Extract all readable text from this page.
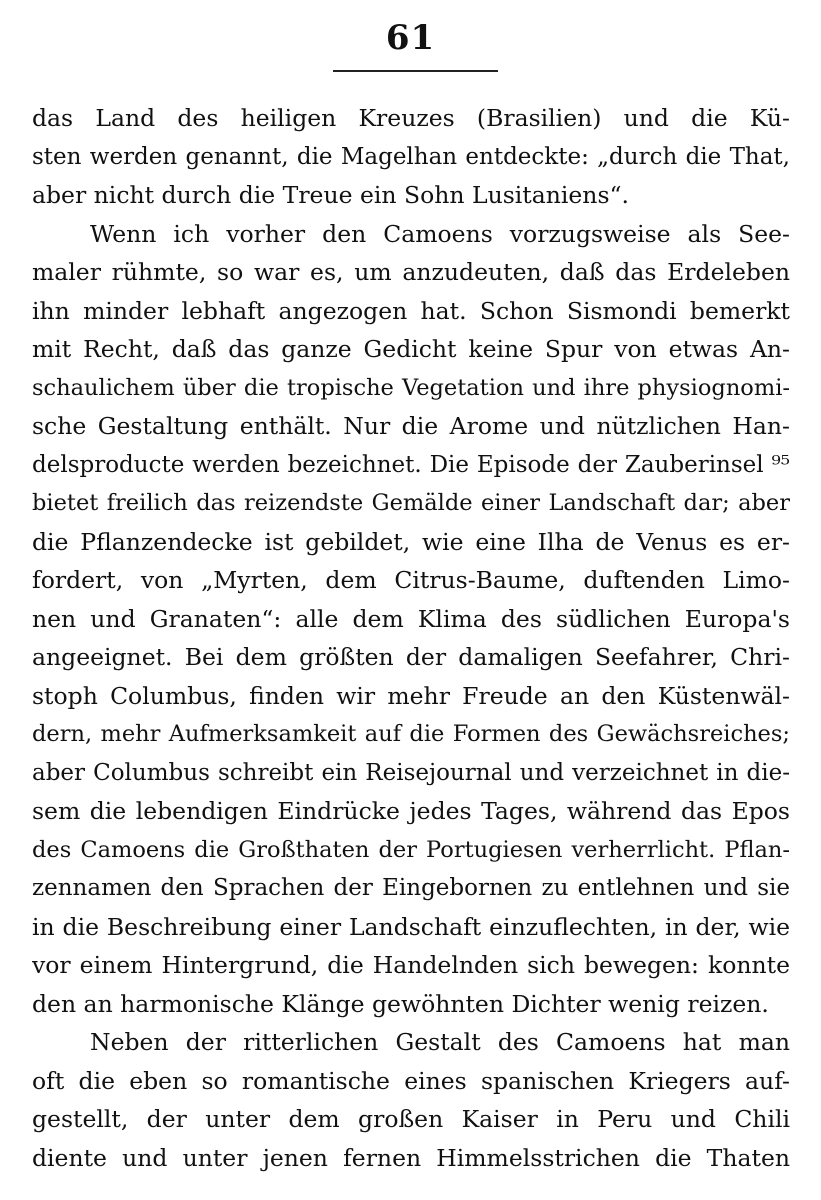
61
das Land des heiligen Kreuzes (Brasilien) und die Kü-
sten werden genannt, die Magelhan entdeckte: „durch die That,
aber nicht durch die Treue ein Sohn Lusitaniens“.
Wenn ich vorher den Camoens vorzugsweise als See-
maler rühmte, so war es, um anzudeuten, daß das Erdeleben
ihn minder lebhaft angezogen hat. Schon Sismondi bemerkt
mit Recht, daß das ganze Gedicht keine Spur von etwas An-
schaulichem über die tropische Vegetation und ihre physiognomi-
sche Gestaltung enthält. Nur die Arome und nützlichen Han-
delsproducte werden bezeichnet. Die Episode der Zauberinsel ⁹⁵
bietet freilich das reizendste Gemälde einer Landschaft dar; aber
die Pflanzendecke ist gebildet, wie eine Ilha de Venus es er-
fordert, von „Myrten, dem Citrus-Baume, duftenden Limo-
nen und Granaten“: alle dem Klima des südlichen Europa's
angeeignet. Bei dem größten der damaligen Seefahrer, Chri-
stoph Columbus, finden wir mehr Freude an den Küstenwäl-
dern, mehr Aufmerksamkeit auf die Formen des Gewächsreiches;
aber Columbus schreibt ein Reisejournal und verzeichnet in die-
sem die lebendigen Eindrücke jedes Tages, während das Epos
des Camoens die Großthaten der Portugiesen verherrlicht. Pflan-
zennamen den Sprachen der Eingebornen zu entlehnen und sie
in die Beschreibung einer Landschaft einzuflechten, in der, wie
vor einem Hintergrund, die Handelnden sich bewegen: konnte
den an harmonische Klänge gewöhnten Dichter wenig reizen.
Neben der ritterlichen Gestalt des Camoens hat man
oft die eben so romantische eines spanischen Kriegers auf-
gestellt, der unter dem großen Kaiser in Peru und Chili
diente und unter jenen fernen Himmelsstrichen die Thaten
